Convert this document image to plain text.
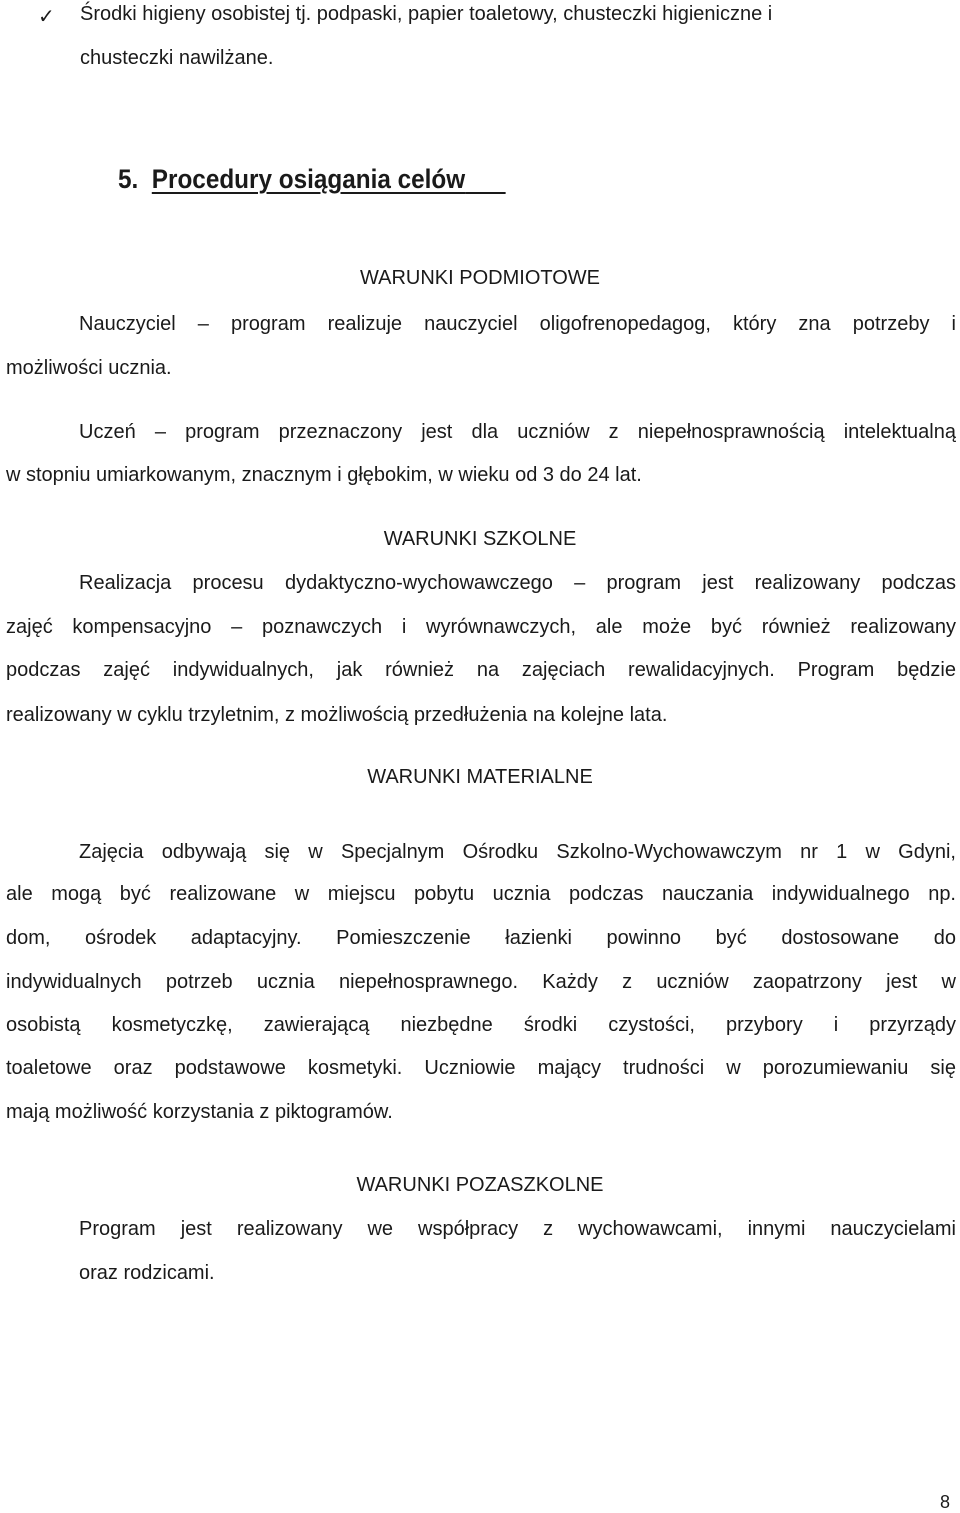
✓ Środki higieny osobistej tj. podpaski, papier toaletowy, chusteczki higieniczne i
chusteczki nawilżane.
5. Procedury osiągania celów
WARUNKI PODMIOTOWE
Nauczyciel – program realizuje nauczyciel oligofrenopedagog, który zna potrzeby i
możliwości ucznia.
Uczeń – program przeznaczony jest dla uczniów z niepełnosprawnością intelektualną
w stopniu umiarkowanym, znacznym i głębokim, w wieku od 3 do 24 lat.
WARUNKI SZKOLNE
Realizacja procesu dydaktyczno-wychowawczego – program jest realizowany podczas
zajęć kompensacyjno – poznawczych i wyrównawczych, ale może być również realizowany
podczas zajęć indywidualnych, jak również na zajęciach rewalidacyjnych. Program będzie
realizowany w cyklu trzyletnim, z możliwością przedłużenia na kolejne lata.
WARUNKI MATERIALNE
Zajęcia odbywają się w Specjalnym Ośrodku Szkolno-Wychowawczym nr 1 w Gdyni,
ale mogą być realizowane w miejscu pobytu ucznia podczas nauczania indywidualnego np.
dom, ośrodek adaptacyjny. Pomieszczenie łazienki powinno być dostosowane do
indywidualnych potrzeb ucznia niepełnosprawnego. Każdy z uczniów zaopatrzony jest w
osobistą kosmetyczkę, zawierającą niezbędne środki czystości, przybory i przyrządy
toaletowe oraz podstawowe kosmetyki. Uczniowie mający trudności w porozumiewaniu się
mają możliwość korzystania z piktogramów.
WARUNKI POZASZKOLNE
Program jest realizowany we współpracy z wychowawcami, innymi nauczycielami
oraz rodzicami.
8
